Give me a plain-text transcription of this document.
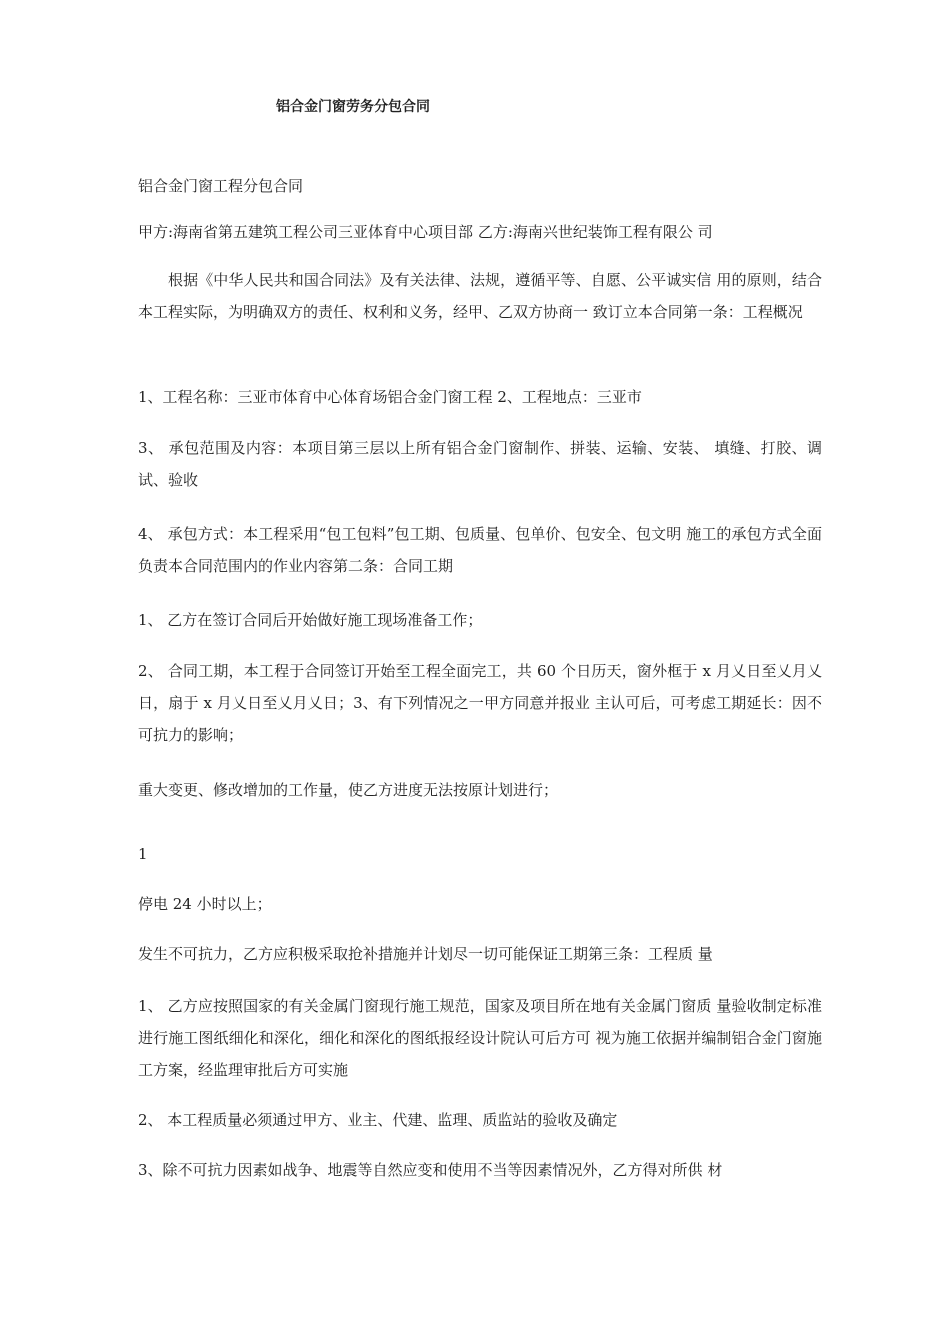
铝合金门窗劳务分包合同

铝合金门窗工程分包合同

甲方:海南省第五建筑工程公司三亚体育中心项目部 乙方:海南兴世纪装饰工程有限公 司

根据《中华人民共和国合同法》及有关法律、法规，遵循平等、自愿、公平诚实信 用的原则，结合本工程实际，为明确双方的责任、权利和义务，经甲、乙双方协商一 致订立本合同第一条：工程概况

1、工程名称：三亚市体育中心体育场铝合金门窗工程 2、工程地点：三亚市

3、 承包范围及内容：本项目第三层以上所有铝合金门窗制作、拼装、运输、安装、 填缝、打胶、调试、验收

4、 承包方式：本工程采用“包工包料”包工期、包质量、包单价、包安全、包文明 施工的承包方式全面负责本合同范围内的作业内容第二条：合同工期

1、 乙方在签订合同后开始做好施工现场准备工作；

2、 合同工期，本工程于合同签订开始至工程全面完工，共 60 个日历天，窗外框于 x 月乂日至乂月乂日，扇于 x 月乂日至乂月乂日；3、有下列情况之一甲方同意并报业 主认可后，可考虑工期延长：因不可抗力的影响；

重大变更、修改增加的工作量，使乙方进度无法按原计划进行；

1

停电 24 小时以上；

发生不可抗力，乙方应积极采取抢补措施并计划尽一切可能保证工期第三条：工程质 量

1、 乙方应按照国家的有关金属门窗现行施工规范，国家及项目所在地有关金属门窗质 量验收制定标准进行施工图纸细化和深化，细化和深化的图纸报经设计院认可后方可 视为施工依据并编制铝合金门窗施工方案，经监理审批后方可实施

2、 本工程质量必须通过甲方、业主、代建、监理、质监站的验收及确定

3、除不可抗力因素如战争、地震等自然应变和使用不当等因素情况外，乙方得对所供 材
